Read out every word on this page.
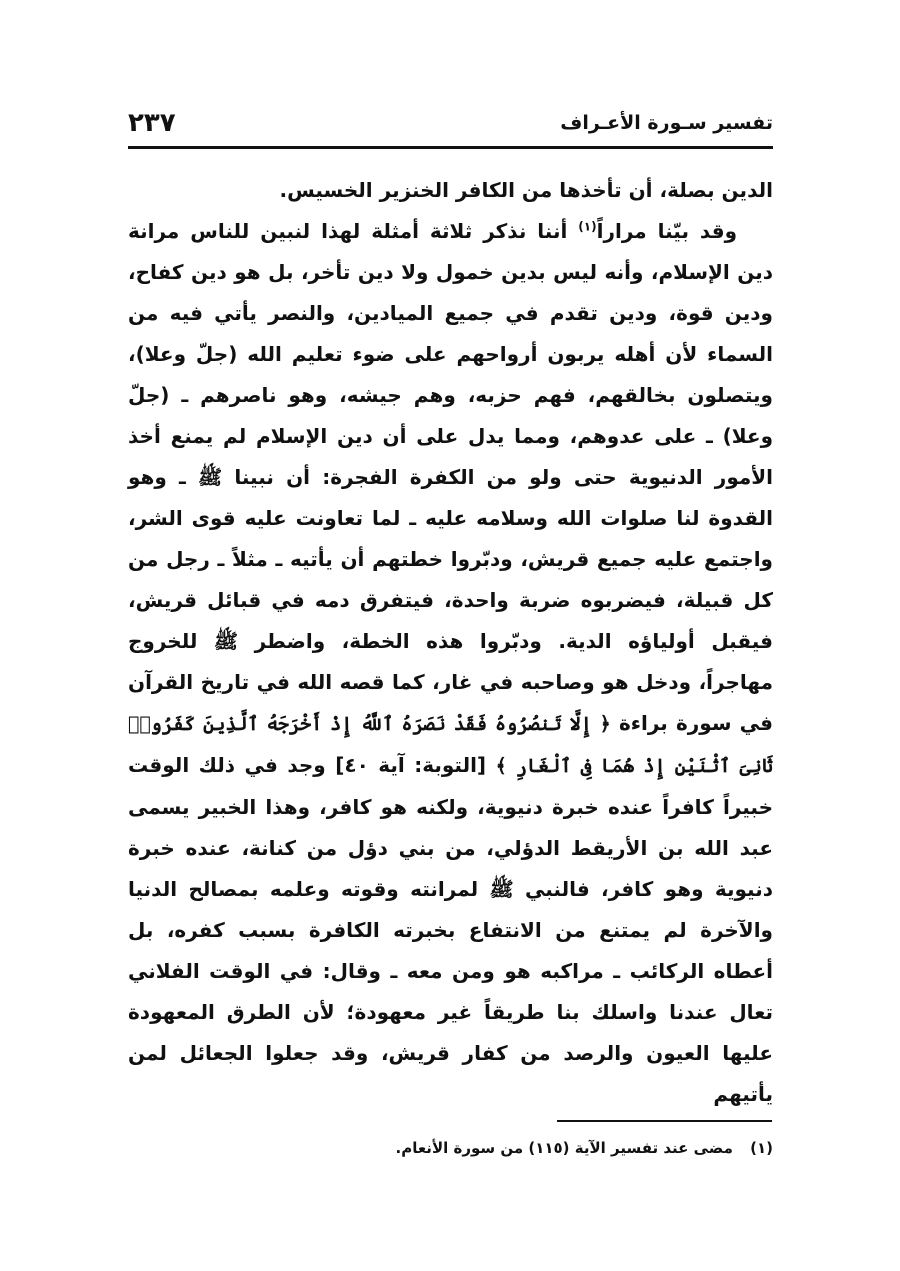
تفسير سـورة الأعـراف
٢٣٧

الدين بصلة، أن تأخذها من الكافر الخنزير الخسيس.

وقد بيّنا مراراً$^{(١)}$ أننا نذكر ثلاثة أمثلة لهذا لنبين للناس مرانة دين الإسلام، وأنه ليس بدين خمول ولا دين تأخر، بل هو دين كفاح، ودين قوة، ودين تقدم في جميع الميادين، والنصر يأتي فيه من السماء لأن أهله يربون أرواحهم على ضوء تعليم الله (جلّ وعلا)، ويتصلون بخالقهم، فهم حزبه، وهم جيشه، وهو ناصرهم ـ (جلّ وعلا) ـ على عدوهم، ومما يدل على أن دين الإسلام لم يمنع أخذ الأمور الدنيوية حتى ولو من الكفرة الفجرة: أن نبينا ﷺ ـ وهو القدوة لنا صلوات الله وسلامه عليه ـ لما تعاونت عليه قوى الشر، واجتمع عليه جميع قريش، ودبّروا خطتهم أن يأتيه ـ مثلاً ـ رجل من كل قبيلة، فيضربوه ضربة واحدة، فيتفرق دمه في قبائل قريش، فيقبل أولياؤه الدية. ودبّروا هذه الخطة، واضطر ﷺ للخروج مهاجراً، ودخل هو وصاحبه في غار، كما قصه الله في تاريخ القرآن في سورة براءة ﴿ إِلَّا تَنصُرُوهُ فَقَدْ نَصَرَهُ ٱللَّهُ إِذْ أَخْرَجَهُ ٱلَّذِينَ كَفَرُوا۟ ثَانِىَ ٱثْنَيْنِ إِذْ هُمَا فِى ٱلْغَارِ ﴾ [التوبة: آية ٤٠] وجد في ذلك الوقت خبيراً كافراً عنده خبرة دنيوية، ولكنه هو كافر، وهذا الخبير يسمى عبد الله بن الأريقط الدؤلي، من بني دؤل من كنانة، عنده خبرة دنيوية وهو كافر، فالنبي ﷺ لمرانته وقوته وعلمه بمصالح الدنيا والآخرة لم يمتنع من الانتفاع بخبرته الكافرة بسبب كفره، بل أعطاه الركائب ـ مراكبه هو ومن معه ـ وقال: في الوقت الفلاني تعال عندنا واسلك بنا طريقاً غير معهودة؛ لأن الطرق المعهودة عليها العيون والرصد من كفار قريش، وقد جعلوا الجعائل لمن يأتيهم

(١) مضى عند تفسير الآية (١١٥) من سورة الأنعام.
